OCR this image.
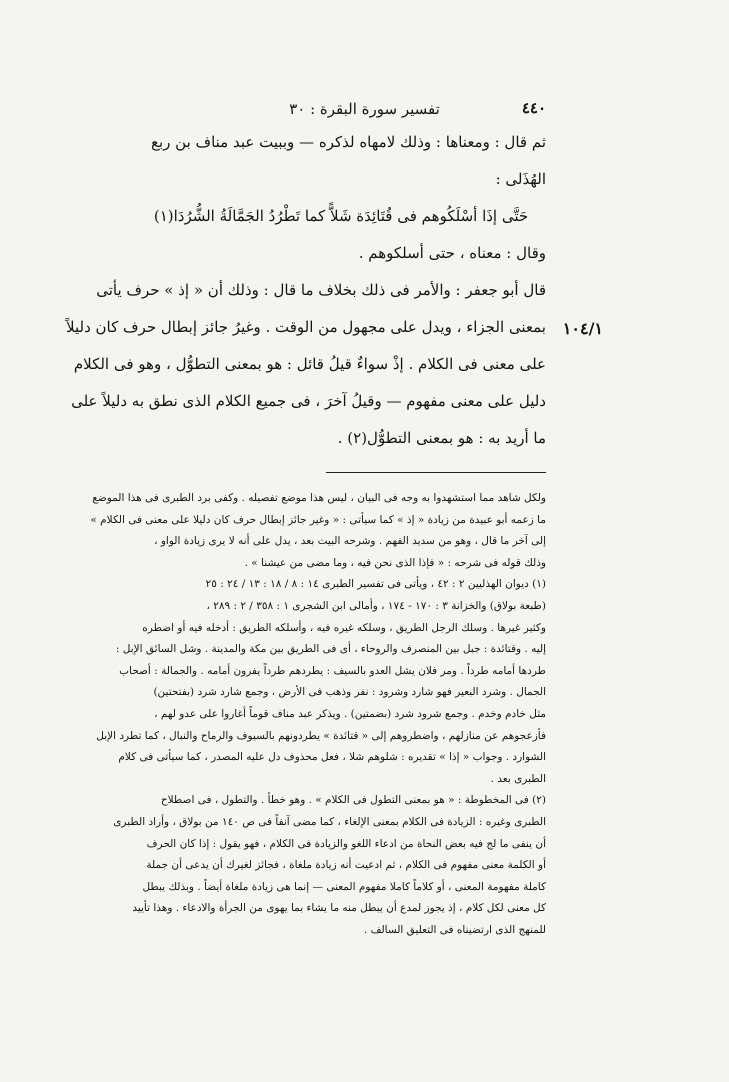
٤٤٠
تفسير سورة البقرة : ٣٠
١٠٤/١

ثم قال : ومعناها : وذلك لامهاه لذكره — وببيت عبد مناف بن ربع

الهُذَلى :

حَتَّى إذَا أسْلَكُوهم فى قُتَائِدَة شَلاًّ كما تَطْرُدُ الجَمَّالَةُ الشُّرُدَا(١)

وقال : معناه ، حتى أسلكوهم .

قال أبو جعفر : والأمر فى ذلك بخلاف ما قال : وذلك أن « إذ » حرف يأتى

بمعنى الجزاء ، ويدل على مجهول من الوقت . وغيرُ جائز إبطال حرف كان دليلاً

على معنى فى الكلام . إذْ سواءٌ قيلُ قائل : هو بمعنى التطوُّل ، وهو فى الكلام

دليل على معنى مفهوم — وقيلُ آخرَ ، فى جميع الكلام الذى نطق به دليلاً على

ما أريد به : هو بمعنى التطوُّل(٢) .

ولكل شاهد مما استشهدوا به وجه فى البيان ، ليس هذا موضع تفصيله . وكفى برد الطبرى فى هذا الموضع

ما زعمه أبو عبيدة من زيادة « إذ » كما سيأتى : « وغير جائز إبطال حرف كان دليلا على معنى فى الكلام »

إلى آخر ما قال ، وهو من سديد الفهم . وشرحه البيت بعد ، يدل على أنه لا يرى زيادة الواو ،

وذلك قوله فى شرحه : « فإذا الذى نحن فيه ، وما مضى من عيشنا » .

(١) ديوان الهذليين ٢ : ٤٢ ، ويأتى فى تفسير الطبرى ١٤ : ٨ / ١٨ : ١٣ / ٢٤ : ٢٥

(طبعة بولاق) والخزانة ٣ : ١٧٠ - ١٧٤ ، وأمالى ابن الشجرى ١ : ٣٥٨ / ٢ : ٢٨٩ ،

وكثير غيرها . وسلك الرجل الطريق ، وسلكه غيره فيه ، وأسلكه الطريق : أدخله فيه أو اضطره

إليه . وقتائدة : جبل بين المنصرف والروحاء ، أى فى الطريق بين مكة والمدينة . وشل السائق الإبل :

طردها أمامه طرداً . ومر فلان يشل العدو بالسيف : يطردهم طرداً يفرون أمامه . والجمالة : أصحاب

الجمال . وشرد البعير فهو شارد وشرود : نفر وذهب فى الأرض ، وجمع شارد شرد (بفتحتين)

مثل خادم وخدم . وجمع شرود شرد (بضمتين) . ويذكر عبد مناف قوماً أغاروا على عدو لهم ،

فأزعجوهم عن منازلهم ، واضطروهم إلى « قتائدة » يطردونهم بالسيوف والرماح والنبال ، كما تطرد الإبل

الشوارد . وجواب « إذا » تقديره : شلوهم شلا ، فعل محذوف دل عليه المصدر ، كما سيأتى فى كلام

الطبرى بعد .

(٢) فى المخطوطة : « هو بمعنى التطول فى الكلام » . وهو خطأ . والتطول ، فى اصطلاح

الطبرى وغيره : الزيادة فى الكلام بمعنى الإلغاء ، كما مضى آنفاً فى ص ١٤٠ من بولاق ، وأراد الطبرى

أن ينفى ما لج فيه بعض النحاة من ادعاء اللغو والزيادة فى الكلام ، فهو يقول : إذا كان الحرف

أو الكلمة معنى مفهوم فى الكلام ، ثم ادعيت أنه زيادة ملغاة ، فجائز لغيرك أن يدعى أن جملة

كاملة مفهومة المعنى ، أو كلاماً كاملا مفهوم المعنى — إنما هى زيادة ملغاة أيضاً . وبذلك يبطل

كل معنى لكل كلام ، إذ يجوز لمدع أن يبطل منه ما يشاء بما يهوى من الجرأة والادعاء . وهذا تأييد

للمنهج الذى ارتضيناه فى التعليق السالف .
